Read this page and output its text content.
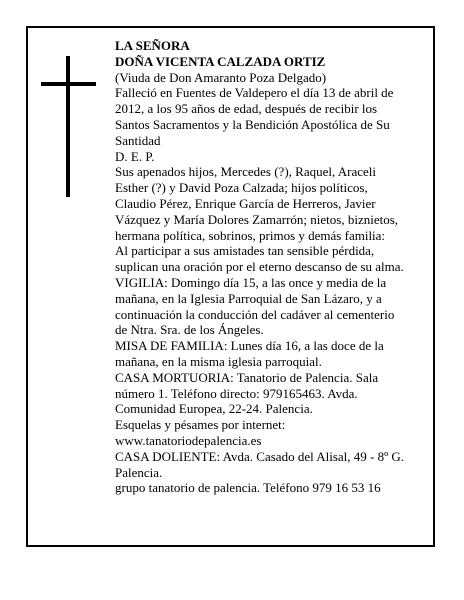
LA SEÑORA

DOÑA VICENTA CALZADA ORTIZ

(Viuda de Don Amaranto Poza Delgado)

Falleció en Fuentes de Valdepero el día 13 de abril de
2012, a los 95 años de edad, después de recibir los
Santos Sacramentos y la Bendición Apostólica de Su
Santidad

D. E. P.

Sus apenados hijos, Mercedes (?), Raquel, Araceli
Esther (?) y David Poza Calzada; hijos políticos,
Claudio Pérez, Enrique García de Herreros, Javier
Vázquez y María Dolores Zamarrón; nietos, biznietos,
hermana política, sobrinos, primos y demás familia:

Al participar a sus amistades tan sensible pérdida,
suplican una oración por el eterno descanso de su alma.

VIGILIA: Domingo día 15, a las once y media de la
mañana, en la Iglesia Parroquial de San Lázaro, y a
continuación la conducción del cadáver al cementerio
de Ntra. Sra. de los Ángeles.

MISA DE FAMILIA: Lunes día 16, a las doce de la
mañana, en la misma iglesia parroquial.

CASA MORTUORIA: Tanatorio de Palencia. Sala
número 1. Teléfono directo: 979165463. Avda.
Comunidad Europea, 22-24. Palencia.

Esquelas y pésames por internet:
www.tanatoriodepalencia.es

CASA DOLIENTE: Avda. Casado del Alisal, 49 - 8º G.
Palencia.

grupo tanatorio de palencia. Teléfono 979 16 53 16
